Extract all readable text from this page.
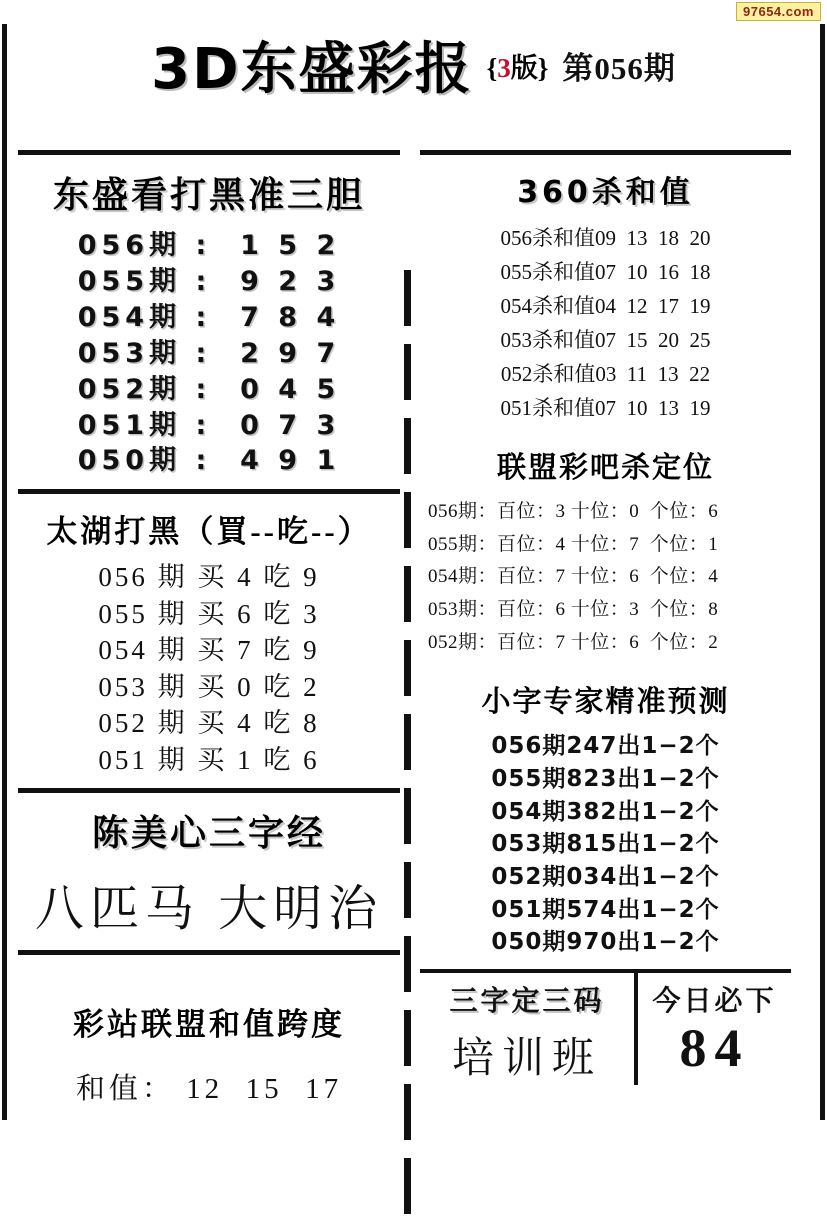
97654.com
3D东盛彩报 {3版} 第056期
东盛看打黑准三胆
056期 :  1 5 2
055期 :  9 2 3
054期 :  7 8 4
053期 :  2 9 7
052期 :  0 4 5
051期 :  0 7 3
050期 :  4 9 1
太湖打黑（買--吃--）
056 期 买 4 吃 9
055 期 买 6 吃 3
054 期 买 7 吃 9
053 期 买 0 吃 2
052 期 买 4 吃 8
051 期 买 1 吃 6
陈美心三字经
八匹马 大明治
彩站联盟和值跨度
和值： 12  15  17
360杀和值
056杀和值09  13  18  20
055杀和值07  10  16  18
054杀和值04  12  17  19
053杀和值07  15  20  25
052杀和值03  11  13  22
051杀和值07  10  13  19
联盟彩吧杀定位
056期：百位：3 十位：0  个位：6
055期：百位：4 十位：7  个位：1
054期：百位：7 十位：6  个位：4
053期：百位：6 十位：3  个位：8
052期：百位：7 十位：6  个位：2
小字专家精准预测
056期247出1−2个
055期823出1−2个
054期382出1−2个
053期815出1−2个
052期034出1−2个
051期574出1−2个
050期970出1−2个
三字定三码
培训班
今日必下
84
